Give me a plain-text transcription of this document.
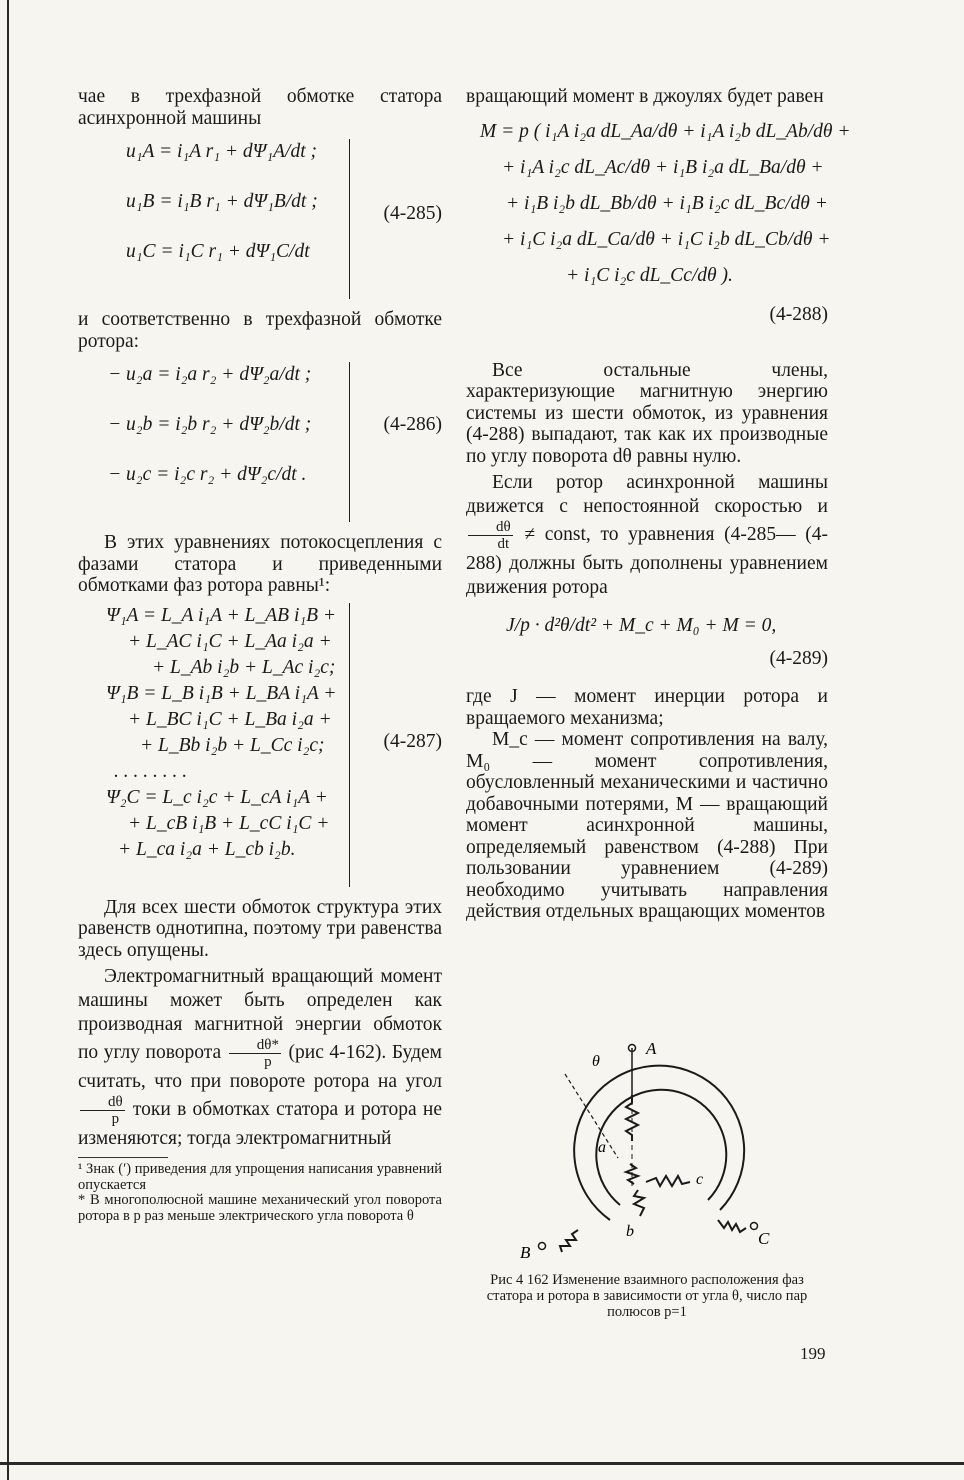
чае в трехфазной обмотке статора асинхронной машины

u₁A = i₁A r₁ + dΨ₁A/dt ;
u₁B = i₁B r₁ + dΨ₁B/dt ;
u₁C = i₁C r₁ + dΨ₁C/dt
(4-285)

и соответственно в трехфазной обмотке ротора:

− u₂a = i₂a r₂ + dΨ₂a/dt ;
− u₂b = i₂b r₂ + dΨ₂b/dt ;
− u₂c = i₂c r₂ + dΨ₂c/dt .
(4-286)

В этих уравнениях потокосцепления с фазами статора и приведенными обмотками фаз ротора равны¹:

Ψ₁A = L_A i₁A + L_AB i₁B +
+ L_AC i₁C + L_Aa i₂a +
+ L_Ab i₂b + L_Ac i₂c;
Ψ₁B = L_B i₁B + L_BA i₁A +
+ L_BC i₁C + L_Ba i₂a +
+ L_Bb i₂b + L_Cc i₂c;
. . . . . . . .
Ψ₂C = L_c i₂c + L_cA i₁A +
+ L_cB i₁B + L_cC i₁C +
+ L_ca i₂a + L_cb i₂b.
(4-287)

Для всех шести обмоток структура этих равенств однотипна, поэтому три равенства здесь опущены.

Электромагнитный вращающий момент машины может быть определен как производная магнитной энергии обмоток по углу поворота $\frac{d\theta*}{p} (рис$ 4-162). Будем считать, что при повороте ротора на угол
$\frac{d\theta}{p}$ токи в обмотках статора и ротора не изменяются; тогда электромагнитный

¹ Знак (′) приведения для упрощения написания уравнений опускается

* В многополюсной машине механический угол поворота ротора в p раз меньше электрического угла поворота θ

вращающий момент в джоулях будет равен

M = p ( i₁A i₂a dL_Aa/dθ + i₁A i₂b dL_Ab/dθ +
+ i₁A i₂c dL_Ac/dθ + i₁B i₂a dL_Ba/dθ +
+ i₁B i₂b dL_Bb/dθ + i₁B i₂c dL_Bc/dθ +
+ i₁C i₂a dL_Ca/dθ + i₁C i₂b dL_Cb/dθ +
+ i₁C i₂c dL_Cc/dθ ).
(4-288)

Все остальные члены, характеризующие магнитную энергию системы из шести обмоток, из уравнения (4-288) выпадают, так как их производные по углу поворота dθ равны нулю.

Если ротор асинхронной машины движется с непостоянной скоростью и
$\frac{d\theta}{dt}$ ≠ const, то уравнения (4-285— (4-288) должны быть дополнены уравнением движения ротора

J/p · d²θ/dt² + M_c + M₀ + M = 0,
(4-289)

где J — момент инерции ротора и вращаемого механизма;

M_c — момент сопротивления на валу, M₀ — момент сопротивления, обусловленный механическими и частично добавочными потерями, M — вращающий момент асинхронной машины, определяемый равенством (4-288) При пользовании уравнением (4-289) необходимо учитывать направления действия отдельных вращающих моментов

A
B
C
a
b
c
θ
Рис 4 162 Изменение взаимного расположения фаз статора и ротора в зависимости от угла θ, число пар полюсов p=1
199
